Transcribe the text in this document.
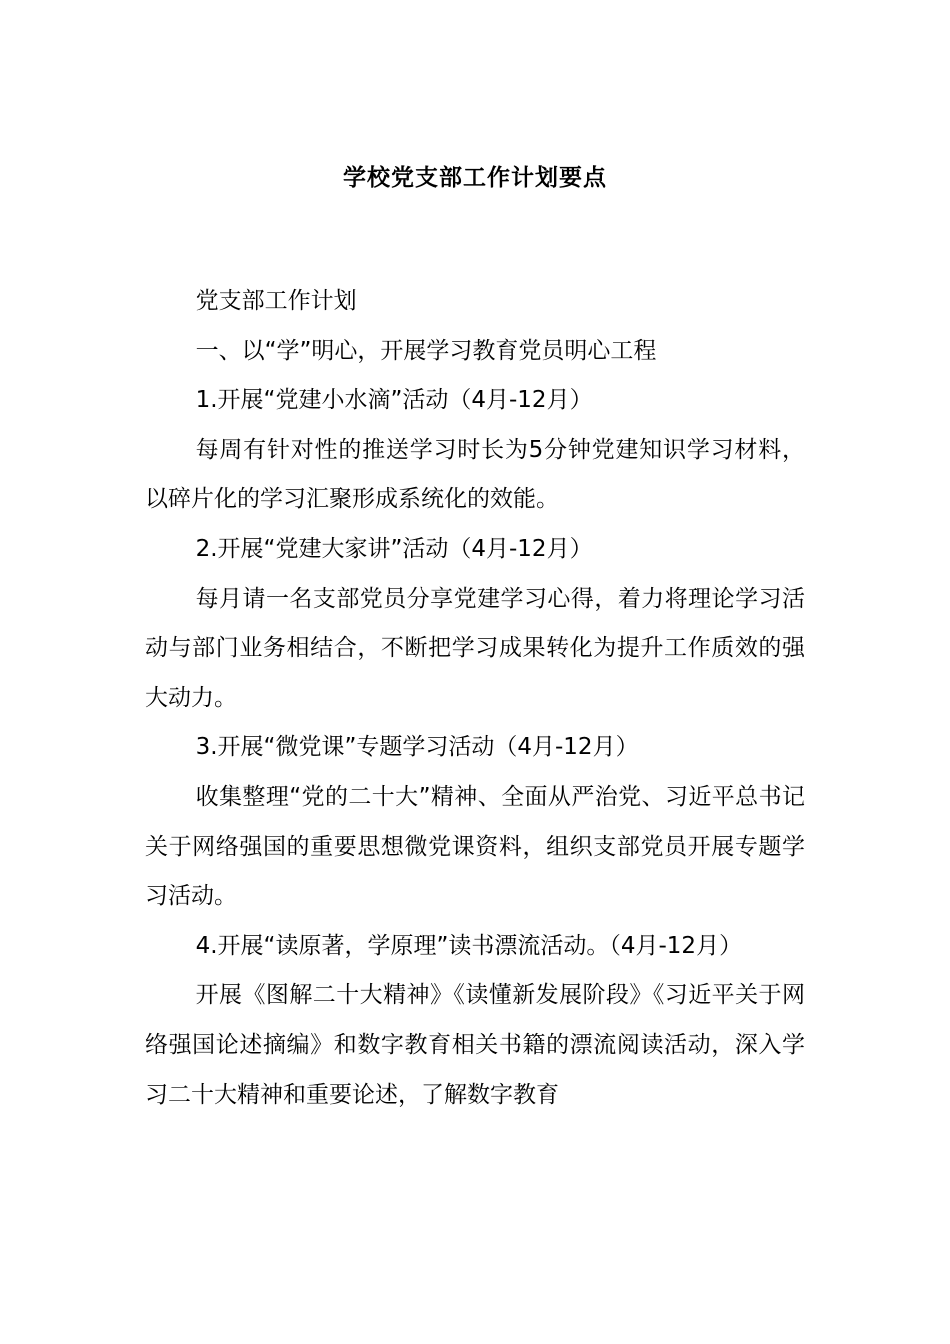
学校党支部工作计划要点

党支部工作计划

一、以“学”明心，开展学习教育党员明心工程

1.开展“党建小水滴”活动（4月-12月）

每周有针对性的推送学习时长为5分钟党建知识学习材料，以碎片化的学习汇聚形成系统化的效能。

2.开展“党建大家讲”活动（4月-12月）

每月请一名支部党员分享党建学习心得，着力将理论学习活动与部门业务相结合，不断把学习成果转化为提升工作质效的强大动力。

3.开展“微党课”专题学习活动（4月-12月）

收集整理“党的二十大”精神、全面从严治党、习近平总书记关于网络强国的重要思想微党课资料，组织支部党员开展专题学习活动。

4.开展“读原著，学原理”读书漂流活动。（4月-12月）

开展《图解二十大精神》《读懂新发展阶段》《习近平关于网络强国论述摘编》和数字教育相关书籍的漂流阅读活动，深入学习二十大精神和重要论述，了解数字教育
